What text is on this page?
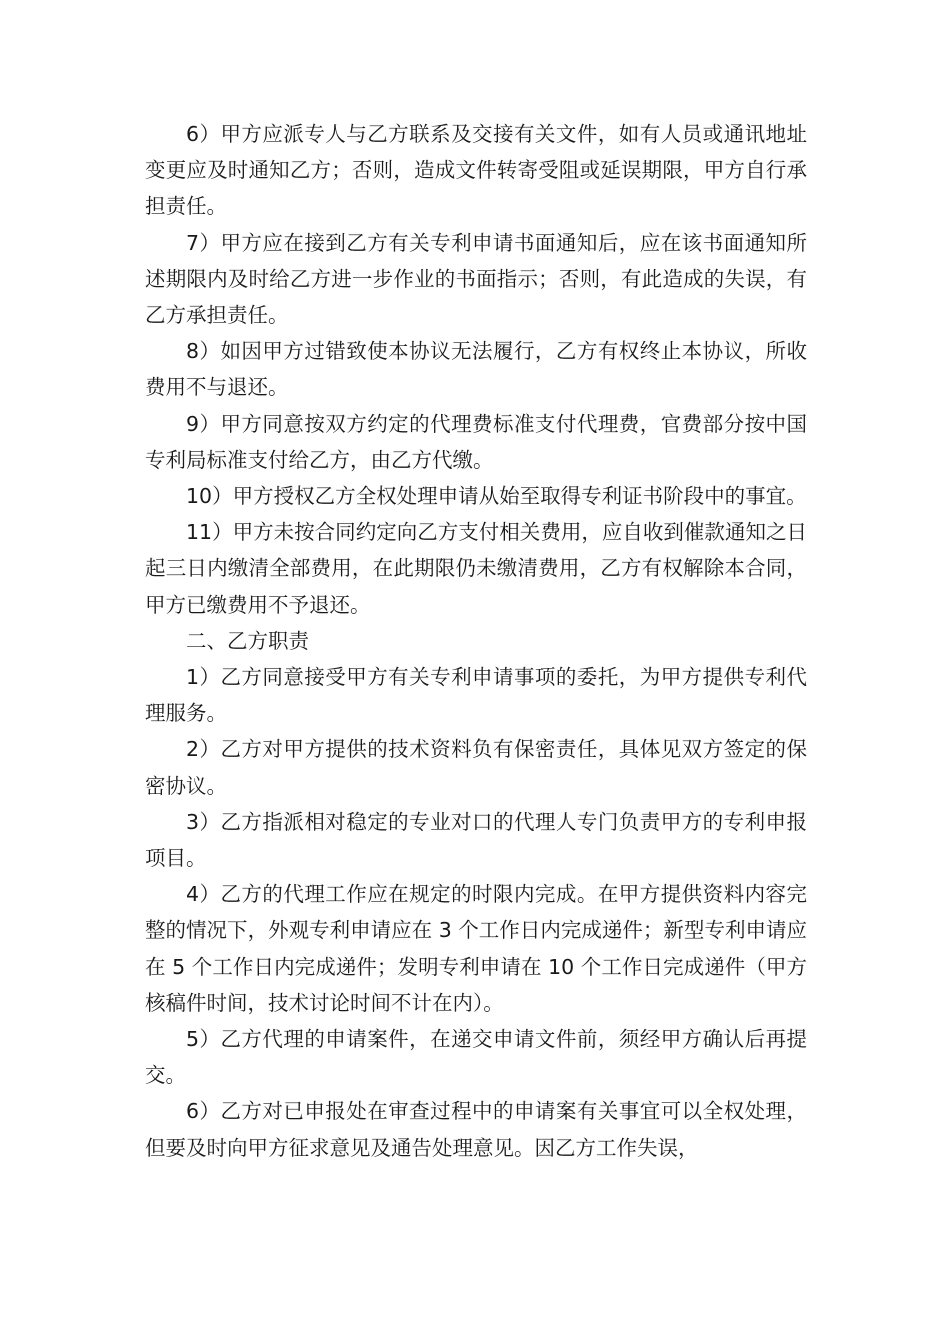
6）甲方应派专人与乙方联系及交接有关文件，如有人员或通讯地址变更应及时通知乙方；否则，造成文件转寄受阻或延误期限，甲方自行承担责任。

7）甲方应在接到乙方有关专利申请书面通知后，应在该书面通知所述期限内及时给乙方进一步作业的书面指示；否则，有此造成的失误，有乙方承担责任。

8）如因甲方过错致使本协议无法履行，乙方有权终止本协议，所收费用不与退还。

9）甲方同意按双方约定的代理费标准支付代理费，官费部分按中国专利局标准支付给乙方，由乙方代缴。

10）甲方授权乙方全权处理申请从始至取得专利证书阶段中的事宜。

11）甲方未按合同约定向乙方支付相关费用，应自收到催款通知之日起三日内缴清全部费用，在此期限仍未缴清费用，乙方有权解除本合同，甲方已缴费用不予退还。

二、乙方职责

1）乙方同意接受甲方有关专利申请事项的委托，为甲方提供专利代理服务。

2）乙方对甲方提供的技术资料负有保密责任，具体见双方签定的保密协议。

3）乙方指派相对稳定的专业对口的代理人专门负责甲方的专利申报项目。

4）乙方的代理工作应在规定的时限内完成。在甲方提供资料内容完整的情况下，外观专利申请应在 3 个工作日内完成递件；新型专利申请应在 5 个工作日内完成递件；发明专利申请在 10 个工作日完成递件（甲方核稿件时间，技术讨论时间不计在内）。

5）乙方代理的申请案件，在递交申请文件前，须经甲方确认后再提交。

6）乙方对已申报处在审查过程中的申请案有关事宜可以全权处理，但要及时向甲方征求意见及通告处理意见。因乙方工作失误，
